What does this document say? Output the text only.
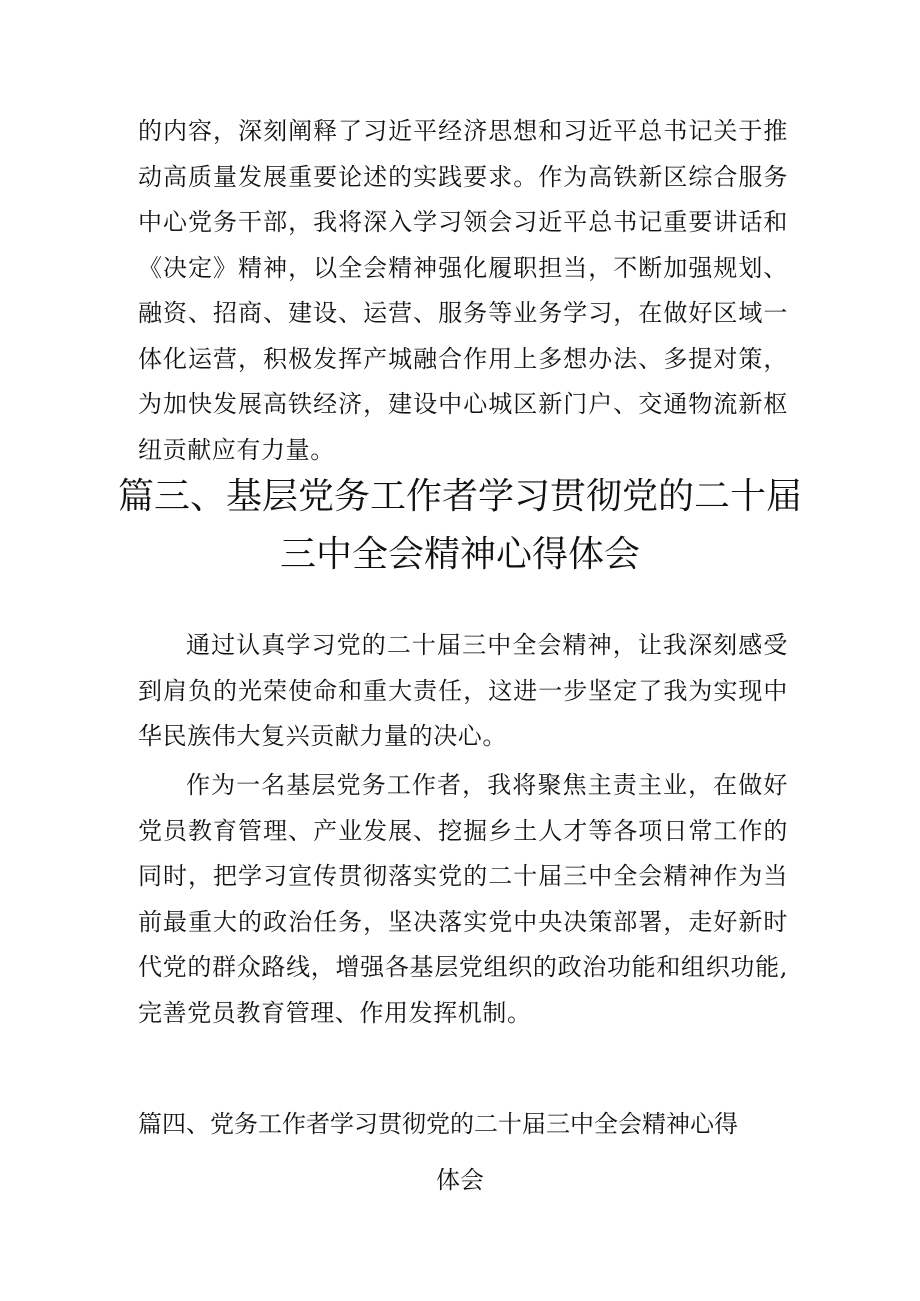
的内容，深刻阐释了习近平经济思想和习近平总书记关于推动高质量发展重要论述的实践要求。作为高铁新区综合服务中心党务干部，我将深入学习领会习近平总书记重要讲话和《决定》精神，以全会精神强化履职担当，不断加强规划、融资、招商、建设、运营、服务等业务学习，在做好区域一体化运营，积极发挥产城融合作用上多想办法、多提对策，为加快发展高铁经济，建设中心城区新门户、交通物流新枢纽贡献应有力量。

篇三、基层党务工作者学习贯彻党的二十届
三中全会精神心得体会

通过认真学习党的二十届三中全会精神，让我深刻感受到肩负的光荣使命和重大责任，这进一步坚定了我为实现中华民族伟大复兴贡献力量的决心。

作为一名基层党务工作者，我将聚焦主责主业，在做好党员教育管理、产业发展、挖掘乡土人才等各项日常工作的同时，把学习宣传贯彻落实党的二十届三中全会精神作为当前最重大的政治任务，坚决落实党中央决策部署，走好新时代党的群众路线，增强各基层党组织的政治功能和组织功能,完善党员教育管理、作用发挥机制。

篇四、党务工作者学习贯彻党的二十届三中全会精神心得
体会
